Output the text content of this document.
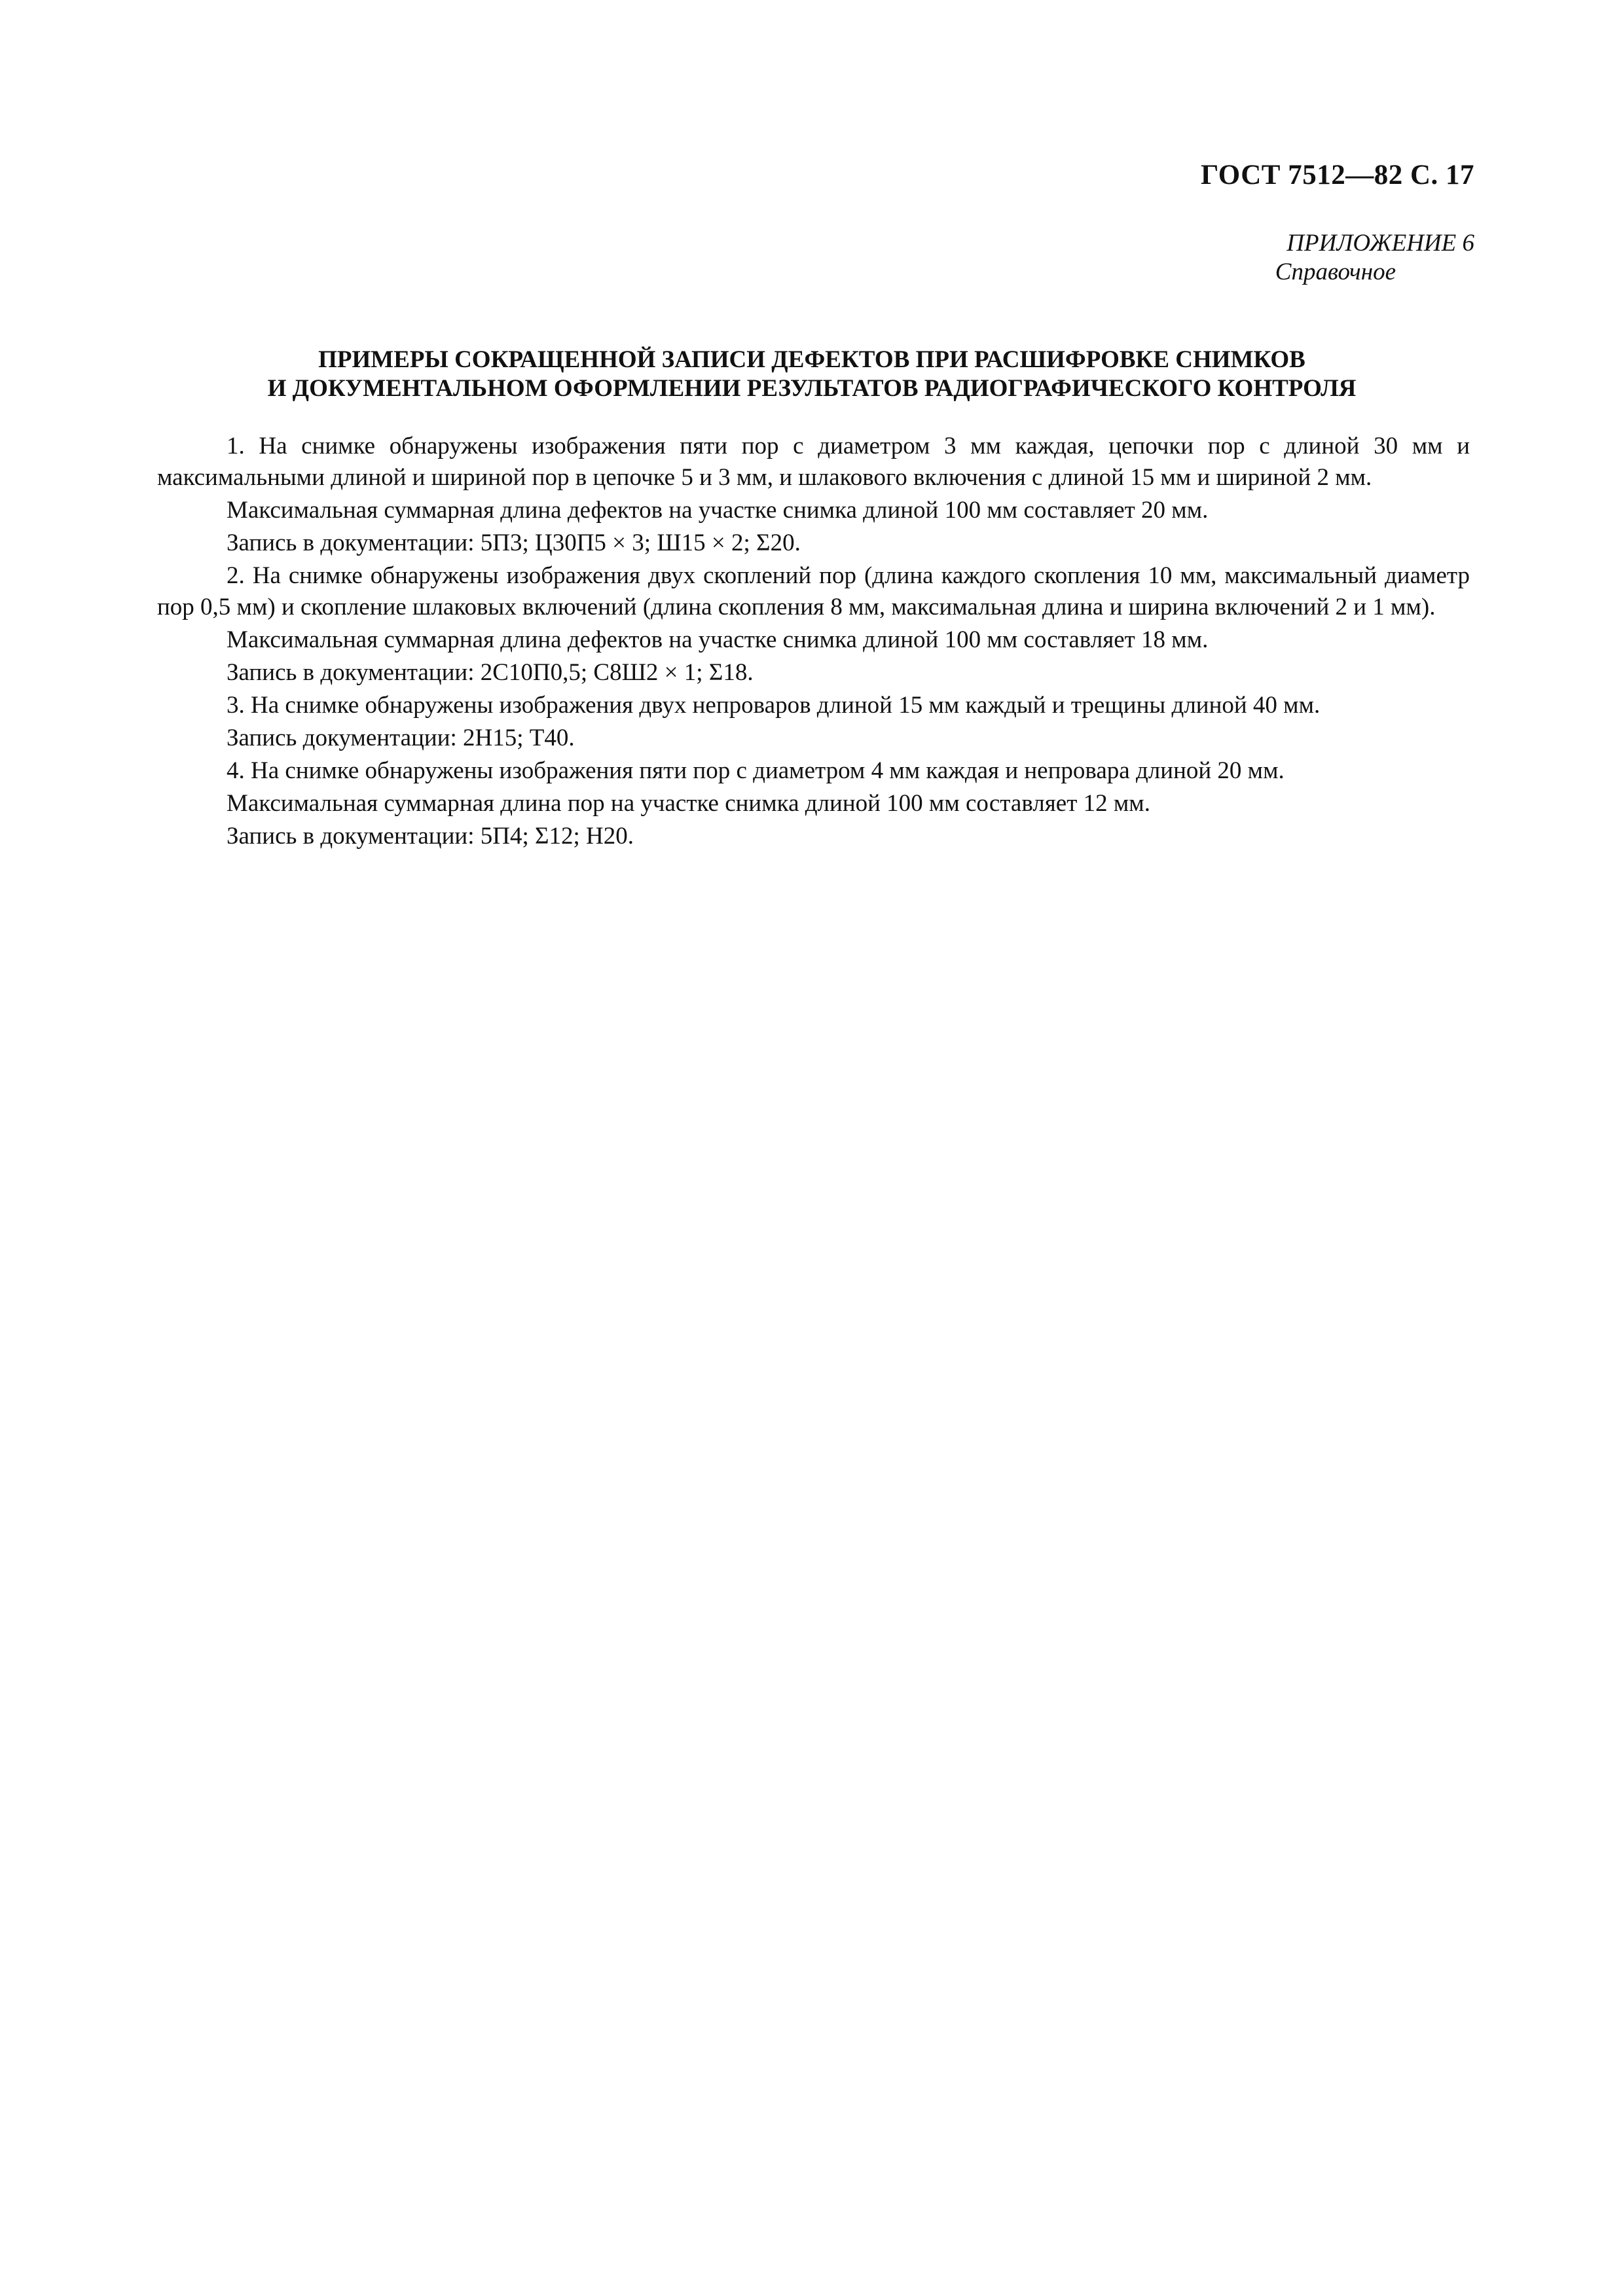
ГОСТ 7512—82 С. 17
ПРИЛОЖЕНИЕ 6
Справочное
ПРИМЕРЫ СОКРАЩЕННОЙ ЗАПИСИ ДЕФЕКТОВ ПРИ РАСШИФРОВКЕ СНИМКОВ
И ДОКУМЕНТАЛЬНОМ ОФОРМЛЕНИИ РЕЗУЛЬТАТОВ РАДИОГРАФИЧЕСКОГО КОНТРОЛЯ

1. На снимке обнаружены изображения пяти пор с диаметром 3 мм каждая, цепочки пор с длиной 30 мм и максимальными длиной и шириной пор в цепочке 5 и 3 мм, и шлакового включения с длиной 15 мм и шириной 2 мм.

Максимальная суммарная длина дефектов на участке снимка длиной 100 мм составляет 20 мм.

Запись в документации: 5П3; Ц30П5 × 3; Ш15 × 2; Σ20.

2. На снимке обнаружены изображения двух скоплений пор (длина каждого скопления 10 мм, максимальный диаметр пор 0,5 мм) и скопление шлаковых включений (длина скопления 8 мм, максимальная длина и ширина включений 2 и 1 мм).

Максимальная суммарная длина дефектов на участке снимка длиной 100 мм составляет 18 мм.

Запись в документации: 2С10П0,5; С8Ш2 × 1; Σ18.

3. На снимке обнаружены изображения двух непроваров длиной 15 мм каждый и трещины длиной 40 мм.

Запись документации: 2Н15; Т40.

4. На снимке обнаружены изображения пяти пор с диаметром 4 мм каждая и непровара длиной 20 мм.

Максимальная суммарная длина пор на участке снимка длиной 100 мм составляет 12 мм.

Запись в документации: 5П4; Σ12; Н20.
